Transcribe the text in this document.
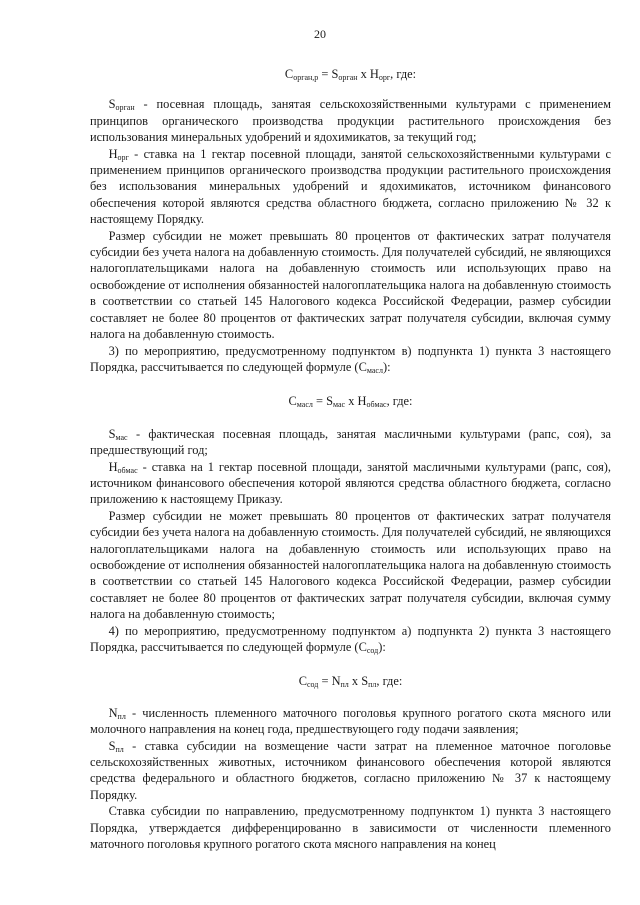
20
Сорган,р = Sорган x Норг, где:

  Sорган - посевная площадь, занятая сельскохозяйственными культурами с применением принципов органического производства продукции растительного происхождения без использования минеральных удобрений и ядохимикатов, за текущий год;

  Норг - ставка на 1 гектар посевной площади, занятой сельскохозяйственными культурами с применением принципов органического производства продукции растительного происхождения без использования минеральных удобрений и ядохимикатов, источником финансового обеспечения которой являются средства областного бюджета, согласно приложению № 32 к настоящему Порядку.

  Размер субсидии не может превышать 80 процентов от фактических затрат получателя субсидии без учета налога на добавленную стоимость. Для получателей субсидий, не являющихся налогоплательщиками налога на добавленную стоимость или использующих право на освобождение от исполнения обязанностей налогоплательщика налога на добавленную стоимость в соответствии со статьей 145 Налогового кодекса Российской Федерации, размер субсидии составляет не более 80 процентов от фактических затрат получателя субсидии, включая сумму налога на добавленную стоимость.

  3) по мероприятию, предусмотренному подпунктом в) подпункта 1) пункта 3 настоящего Порядка, рассчитывается по следующей формуле (Смасл):

Смасл = Sмас x Нобмас, где:

  Sмас - фактическая посевная площадь, занятая масличными культурами (рапс, соя), за предшествующий год;

  Нобмас - ставка на 1 гектар посевной площади, занятой масличными культурами (рапс, соя), источником финансового обеспечения которой являются средства областного бюджета, согласно приложению к настоящему Приказу.

  Размер субсидии не может превышать 80 процентов от фактических затрат получателя субсидии без учета налога на добавленную стоимость. Для получателей субсидий, не являющихся налогоплательщиками налога на добавленную стоимость или использующих право на освобождение от исполнения обязанностей налогоплательщика налога на добавленную стоимость в соответствии со статьей 145 Налогового кодекса Российской Федерации, размер субсидии составляет не более 80 процентов от фактических затрат получателя субсидии, включая сумму налога на добавленную стоимость;

  4) по мероприятию, предусмотренному подпунктом а) подпункта 2) пункта 3 настоящего Порядка, рассчитывается по следующей формуле (Ссод):

Ссод = Nпл x Sпл, где:

  Nпл - численность племенного маточного поголовья крупного рогатого скота мясного или молочного направления на конец года, предшествующего году подачи заявления;

  Sпл - ставка субсидии на возмещение части затрат на племенное маточное поголовье сельскохозяйственных животных, источником финансового обеспечения которой являются средства федерального и областного бюджетов, согласно приложению № 37 к настоящему Порядку.

  Ставка субсидии по направлению, предусмотренному подпунктом 1) пункта 3 настоящего Порядка, утверждается дифференцированно в зависимости от численности племенного маточного поголовья крупного рогатого скота мясного направления на конец
